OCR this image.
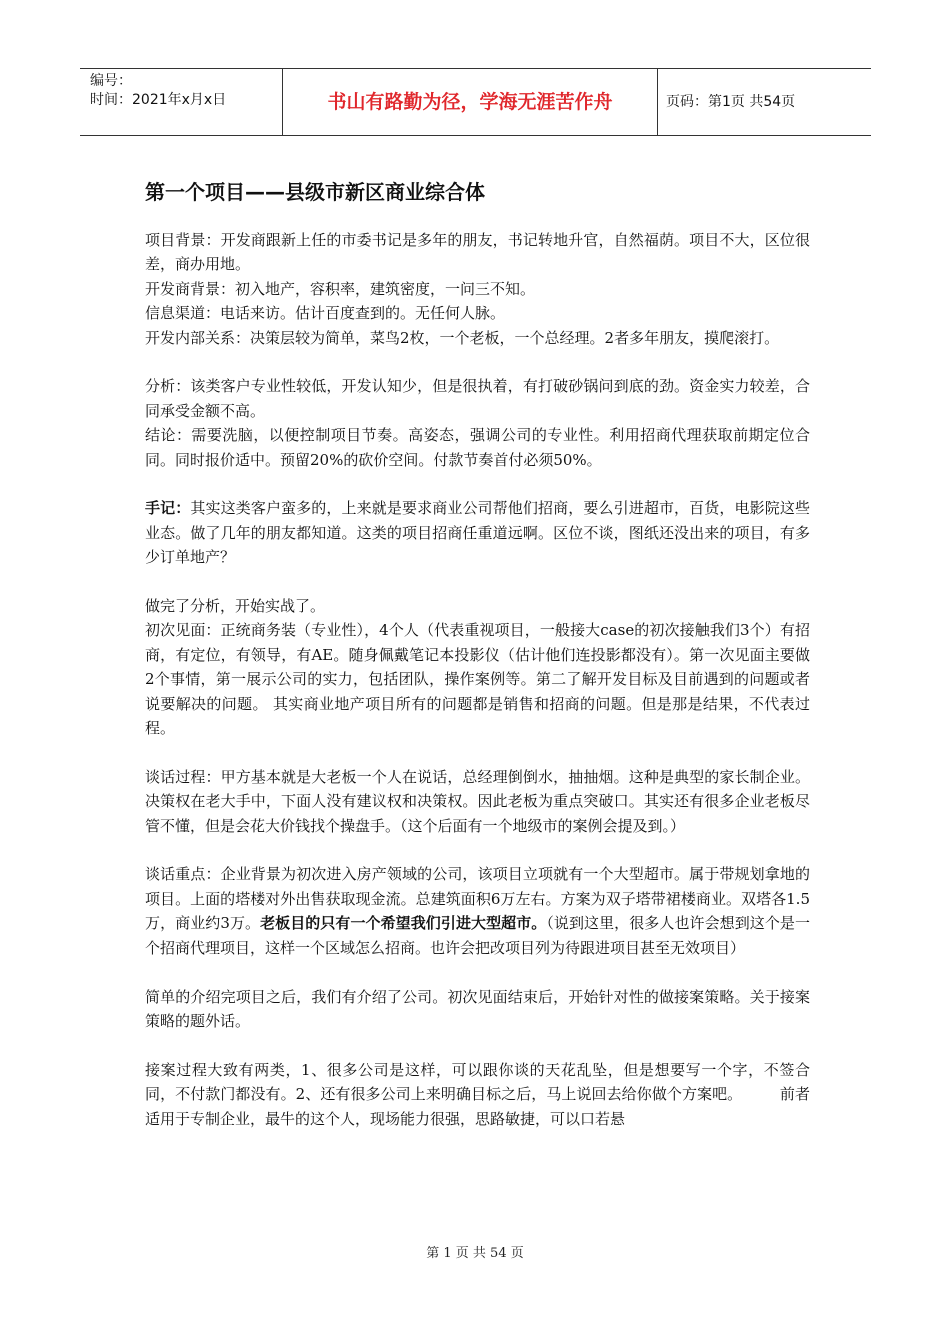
编号：
时间：2021年x月x日	书山有路勤为径，学海无涯苦作舟	页码：第1页 共54页
第一个项目——县级市新区商业综合体

项目背景：开发商跟新上任的市委书记是多年的朋友，书记转地升官，自然福荫。项目不大，区位很差，商办用地。

开发商背景：初入地产，容积率，建筑密度，一问三不知。

信息渠道：电话来访。估计百度查到的。无任何人脉。

开发内部关系：决策层较为简单，菜鸟2枚，一个老板，一个总经理。2者多年朋友，摸爬滚打。

分析：该类客户专业性较低，开发认知少，但是很执着，有打破砂锅问到底的劲。资金实力较差，合同承受金额不高。

结论：需要洗脑，以便控制项目节奏。高姿态，强调公司的专业性。利用招商代理获取前期定位合同。同时报价适中。预留20%的砍价空间。付款节奏首付必须50%。

手记：其实这类客户蛮多的，上来就是要求商业公司帮他们招商，要么引进超市，百货，电影院这些业态。做了几年的朋友都知道。这类的项目招商任重道远啊。区位不谈，图纸还没出来的项目，有多少订单地产？

做完了分析，开始实战了。

初次见面：正统商务装（专业性），4个人（代表重视项目，一般接大case的初次接触我们3个）有招商，有定位，有领导，有AE。随身佩戴笔记本投影仪（估计他们连投影都没有）。第一次见面主要做2个事情，第一展示公司的实力，包括团队，操作案例等。第二了解开发目标及目前遇到的问题或者说要解决的问题。 其实商业地产项目所有的问题都是销售和招商的问题。但是那是结果，不代表过程。

谈话过程：甲方基本就是大老板一个人在说话，总经理倒倒水，抽抽烟。这种是典型的家长制企业。决策权在老大手中，下面人没有建议权和决策权。因此老板为重点突破口。其实还有很多企业老板尽管不懂，但是会花大价钱找个操盘手。（这个后面有一个地级市的案例会提及到。）

谈话重点：企业背景为初次进入房产领域的公司，该项目立项就有一个大型超市。属于带规划拿地的项目。上面的塔楼对外出售获取现金流。总建筑面积6万左右。方案为双子塔带裙楼商业。双塔各1.5万，商业约3万。老板目的只有一个希望我们引进大型超市。（说到这里，很多人也许会想到这个是一个招商代理项目，这样一个区域怎么招商。也许会把改项目列为待跟进项目甚至无效项目）

简单的介绍完项目之后，我们有介绍了公司。初次见面结束后，开始针对性的做接案策略。关于接案策略的题外话。

接案过程大致有两类，1、很多公司是这样，可以跟你谈的天花乱坠，但是想要写一个字，不签合同，不付款门都没有。2、还有很多公司上来明确目标之后，马上说回去给你做个方案吧。　　　前者适用于专制企业，最牛的这个人，现场能力很强，思路敏捷，可以口若悬

第 1 页 共 54 页
